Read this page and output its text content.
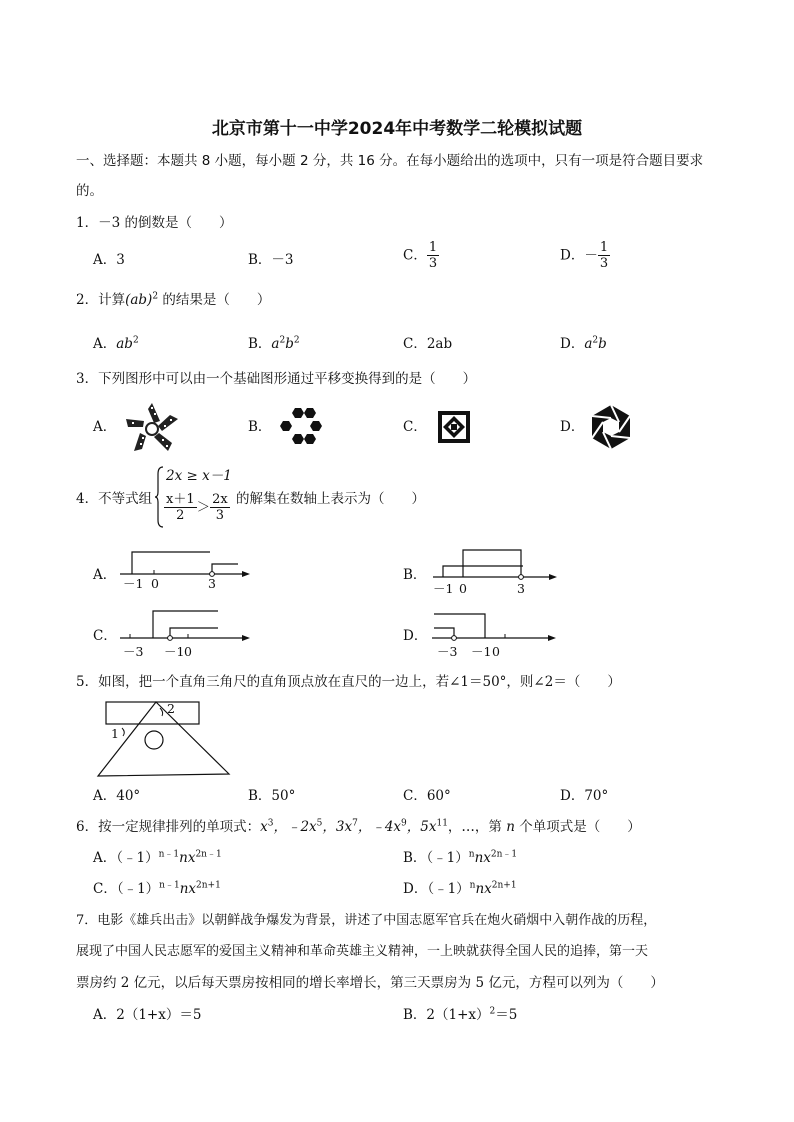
北京市第十一中学2024年中考数学二轮模拟试题
一、选择题：本题共 8 小题，每小题 2 分，共 16 分。在每小题给出的选项中，只有一项是符合题目要求
的。
1．－3 的倒数是（　　）
A．3	B．－3	C． $\frac{1}{3}$	D．－ $\frac{1}{3}$
2．计算(ab)$^2$ 的结果是（　　）
A．$ab^2$	B．$a^2b^2$	C．2ab	D．$a^2b$
3．下列图形中可以由一个基础图形通过平移变换得到的是（　　）
A．	B．	C．	D．
4．不等式组
2x ≥ x－1
$\frac{x+1}{2} > \frac{2x}{3}$ 的解集在数轴上表示为（　　）
A．	B．
C．	D．
－1 0	3	－1 0	3
－3 －1 0	－3 －1 0
5．如图，把一个直角三角尺的直角顶点放在直尺的一边上，若∠1＝50°，则∠2＝（　　）
2
1
A．40°	B．50°	C．60°	D．70°
6．按一定规律排列的单项式：$x^3$，$﹣2x^5$，$3x^7$，$﹣4x^9$，$5x^{11}$，…，第 n 个单项式是（　　）
A．$(﹣1)^{n﹣1}nx^{2n﹣1}$	B．$(﹣1)^nnx^{2n﹣1}$
C．$(﹣1)^{n﹣1}nx^{2n+1}$	D．$(﹣1)^nnx^{2n+1}$
7．电影《雄兵出击》以朝鲜战争爆发为背景，讲述了中国志愿军官兵在炮火硝烟中入朝作战的历程，
展现了中国人民志愿军的爱国主义精神和革命英雄主义精神，一上映就获得全国人民的追捧，第一天
票房约 2 亿元，以后每天票房按相同的增长率增长，第三天票房为 5 亿元，方程可以列为（　　）
A．2（1+x）＝5	B．$2(1+x)^2=5$
